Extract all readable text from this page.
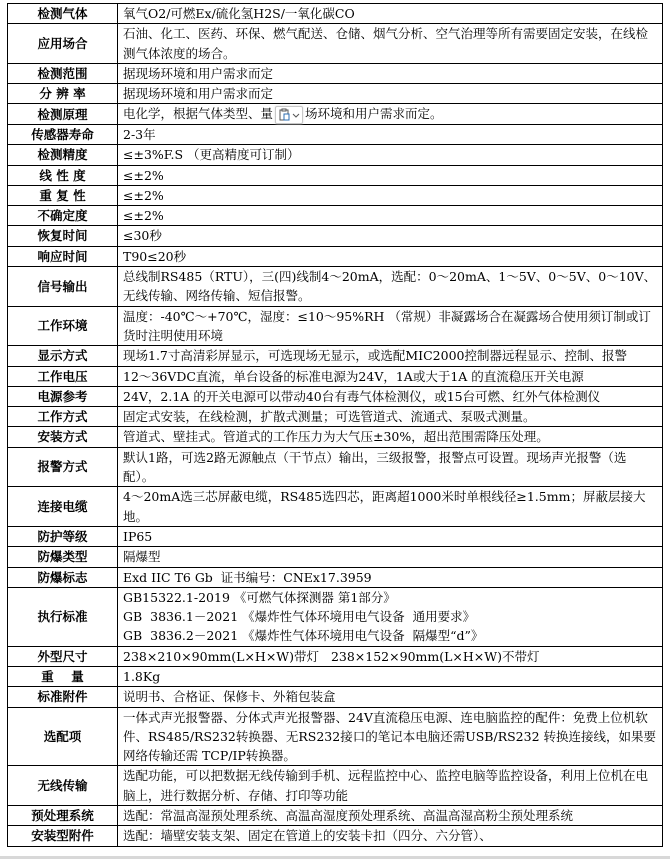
检测气体	氧气O2/可燃Ex/硫化氢H2S/一氧化碳CO
应用场合	石油、化工、医药、环保、燃气配送、仓储、烟气分析、空气治理等所有需要固定安装，在线检测气体浓度的场合。
检测范围	据现场环境和用户需求而定
分 辨 率	据现场环境和用户需求而定
检测原理	电化学，根据气体类型、量 场环境和用户需求而定。
传感器寿命	2-3年
检测精度	≤±3%F.S （更高精度可订制）
线 性 度	≤±2%
重 复 性	≤±2%
不确定度	≤±2%
恢复时间	≤30秒
响应时间	T90≤20秒
信号输出	总线制RS485（RTU），三(四)线制4～20mA，选配：0～20mA、1～5V、0～5V、0～10V、无线传输、网络传输、短信报警。
工作环境	温度：-40℃～+70℃，湿度：≤10～95%RH （常规）非凝露场合在凝露场合使用须订制或订货时注明使用环境
显示方式	现场1.7寸高清彩屏显示，可选现场无显示，或选配MIC2000控制器远程显示、控制、报警
工作电压	12～36VDC直流，单台设备的标准电源为24V，1A或大于1A 的直流稳压开关电源
电源参考	24V，2.1A 的开关电源可以带动40台有毒气体检测仪，或15台可燃、红外气体检测仪
工作方式	固定式安装，在线检测，扩散式测量；可选管道式、流通式、泵吸式测量。
安装方式	管道式、壁挂式。管道式的工作压力为大气压±30%，超出范围需降压处理。
报警方式	默认1路，可选2路无源触点（干节点）输出，三级报警，报警点可设置。现场声光报警（选配）。
连接电缆	4～20mA选三芯屏蔽电缆，RS485选四芯，距离超1000米时单根线径≥1.5mm；屏蔽层接大地。
防护等级	IP65
防爆类型	隔爆型
防爆标志	Exd IIC T6 Gb  证书编号：CNEx17.3959
执行标准	GB15322.1-2019 《可燃气体探测器 第1部分》
GB  3836.1－2021 《爆炸性气体环境用电气设备  通用要求》
GB  3836.2－2021 《爆炸性气体环境用电气设备  隔爆型“d”》

外型尺寸	238×210×90mm(L×H×W)带灯   238×152×90mm(L×H×W)不带灯
重    量	1.8Kg
标准附件	说明书、合格证、保修卡、外箱包装盒
选配项	一体式声光报警器、分体式声光报警器、24V直流稳压电源、连电脑监控的配件：免费上位机软件、RS485/RS232转换器、无RS232接口的笔记本电脑还需USB/RS232 转换连接线，如果要网络传输还需 TCP/IP转换器。
无线传输	选配功能，可以把数据无线传输到手机、远程监控中心、监控电脑等监控设备，利用上位机在电脑上，进行数据分析、存储、打印等功能
预处理系统	选配：常温高湿预处理系统、高温高湿度预处理系统、高温高湿高粉尘预处理系统
安装型附件	选配：墙壁安装支架、固定在管道上的安装卡扣（四分、六分管）、
